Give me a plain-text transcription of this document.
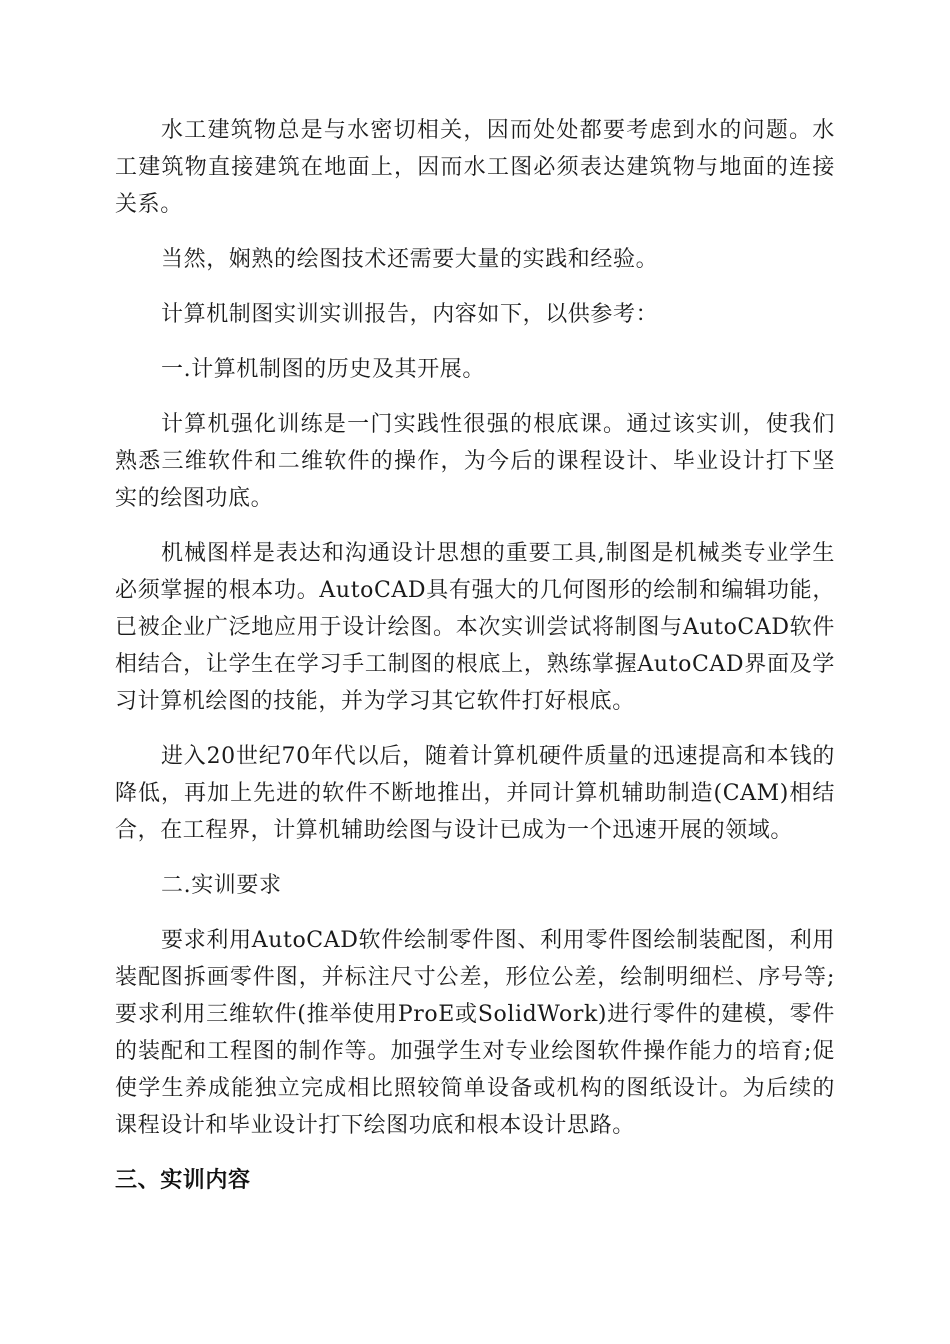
水工建筑物总是与水密切相关，因而处处都要考虑到水的问题。水工建筑物直接建筑在地面上，因而水工图必须表达建筑物与地面的连接关系。

当然，娴熟的绘图技术还需要大量的实践和经验。

计算机制图实训实训报告，内容如下，以供参考：

一.计算机制图的历史及其开展。

计算机强化训练是一门实践性很强的根底课。通过该实训，使我们熟悉三维软件和二维软件的操作，为今后的课程设计、毕业设计打下坚实的绘图功底。

机械图样是表达和沟通设计思想的重要工具,制图是机械类专业学生必须掌握的根本功。AutoCAD具有强大的几何图形的绘制和编辑功能，已被企业广泛地应用于设计绘图。本次实训尝试将制图与AutoCAD软件相结合，让学生在学习手工制图的根底上，熟练掌握AutoCAD界面及学习计算机绘图的技能，并为学习其它软件打好根底。

进入20世纪70年代以后，随着计算机硬件质量的迅速提高和本钱的降低，再加上先进的软件不断地推出，并同计算机辅助制造(CAM)相结合，在工程界，计算机辅助绘图与设计已成为一个迅速开展的领域。

二.实训要求

要求利用AutoCAD软件绘制零件图、利用零件图绘制装配图，利用装配图拆画零件图，并标注尺寸公差，形位公差，绘制明细栏、序号等;要求利用三维软件(推举使用ProE或SolidWork)进行零件的建模，零件的装配和工程图的制作等。加强学生对专业绘图软件操作能力的培育;促使学生养成能独立完成相比照较简单设备或机构的图纸设计。为后续的课程设计和毕业设计打下绘图功底和根本设计思路。

三、实训内容
